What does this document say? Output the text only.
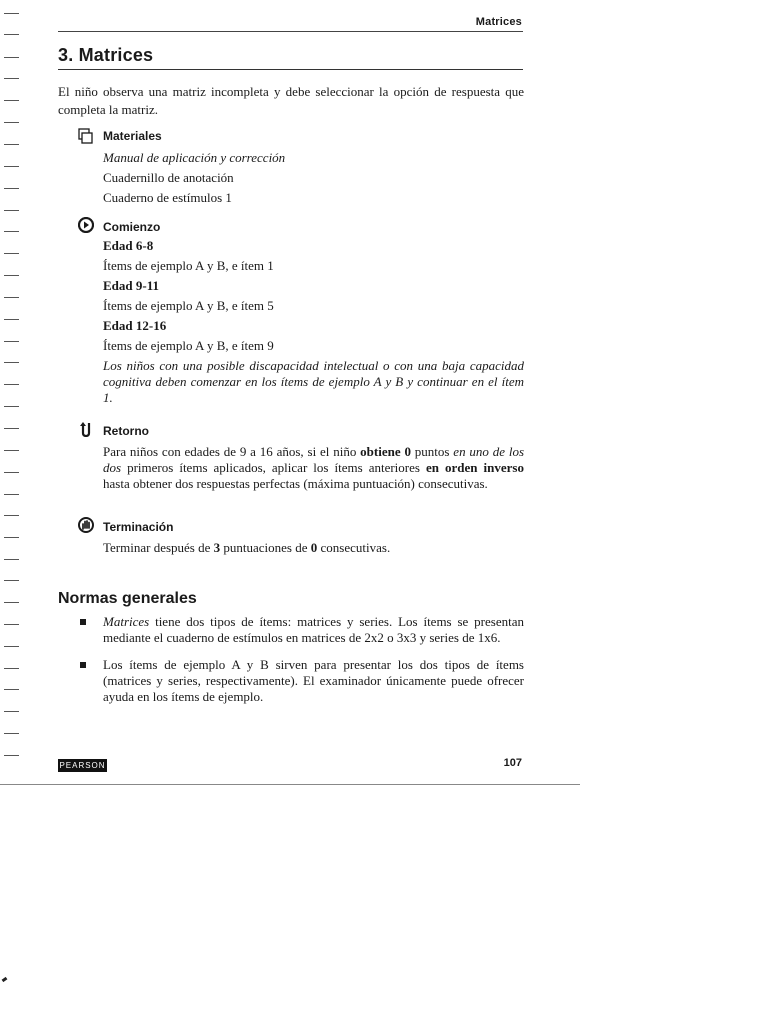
Matrices
3. Matrices

El niño observa una matriz incompleta y debe seleccionar la opción de respuesta que completa la matriz.

Materiales

Manual de aplicación y corrección

Cuadernillo de anotación

Cuaderno de estímulos 1

Comienzo

Edad 6-8

Ítems de ejemplo A y B, e ítem 1

Edad 9-11

Ítems de ejemplo A y B, e ítem 5

Edad 12-16

Ítems de ejemplo A y B, e ítem 9

Los niños con una posible discapacidad intelectual o con una baja capacidad cognitiva deben comenzar en los ítems de ejemplo A y B y continuar en el ítem 1.

Retorno

Para niños con edades de 9 a 16 años, si el niño obtiene 0 puntos en uno de los dos primeros ítems aplicados, aplicar los ítems anteriores en orden inverso hasta obtener dos respuestas perfectas (máxima puntuación) consecutivas.

Terminación

Terminar después de 3 puntuaciones de 0 consecutivas.

Normas generales

Matrices tiene dos tipos de ítems: matrices y series. Los ítems se presentan mediante el cuaderno de estímulos en matrices de 2x2 o 3x3 y series de 1x6.

Los ítems de ejemplo A y B sirven para presentar los dos tipos de ítems (matrices y series, respectivamente). El examinador únicamente puede ofrecer ayuda en los ítems de ejemplo.

PEARSON	107
